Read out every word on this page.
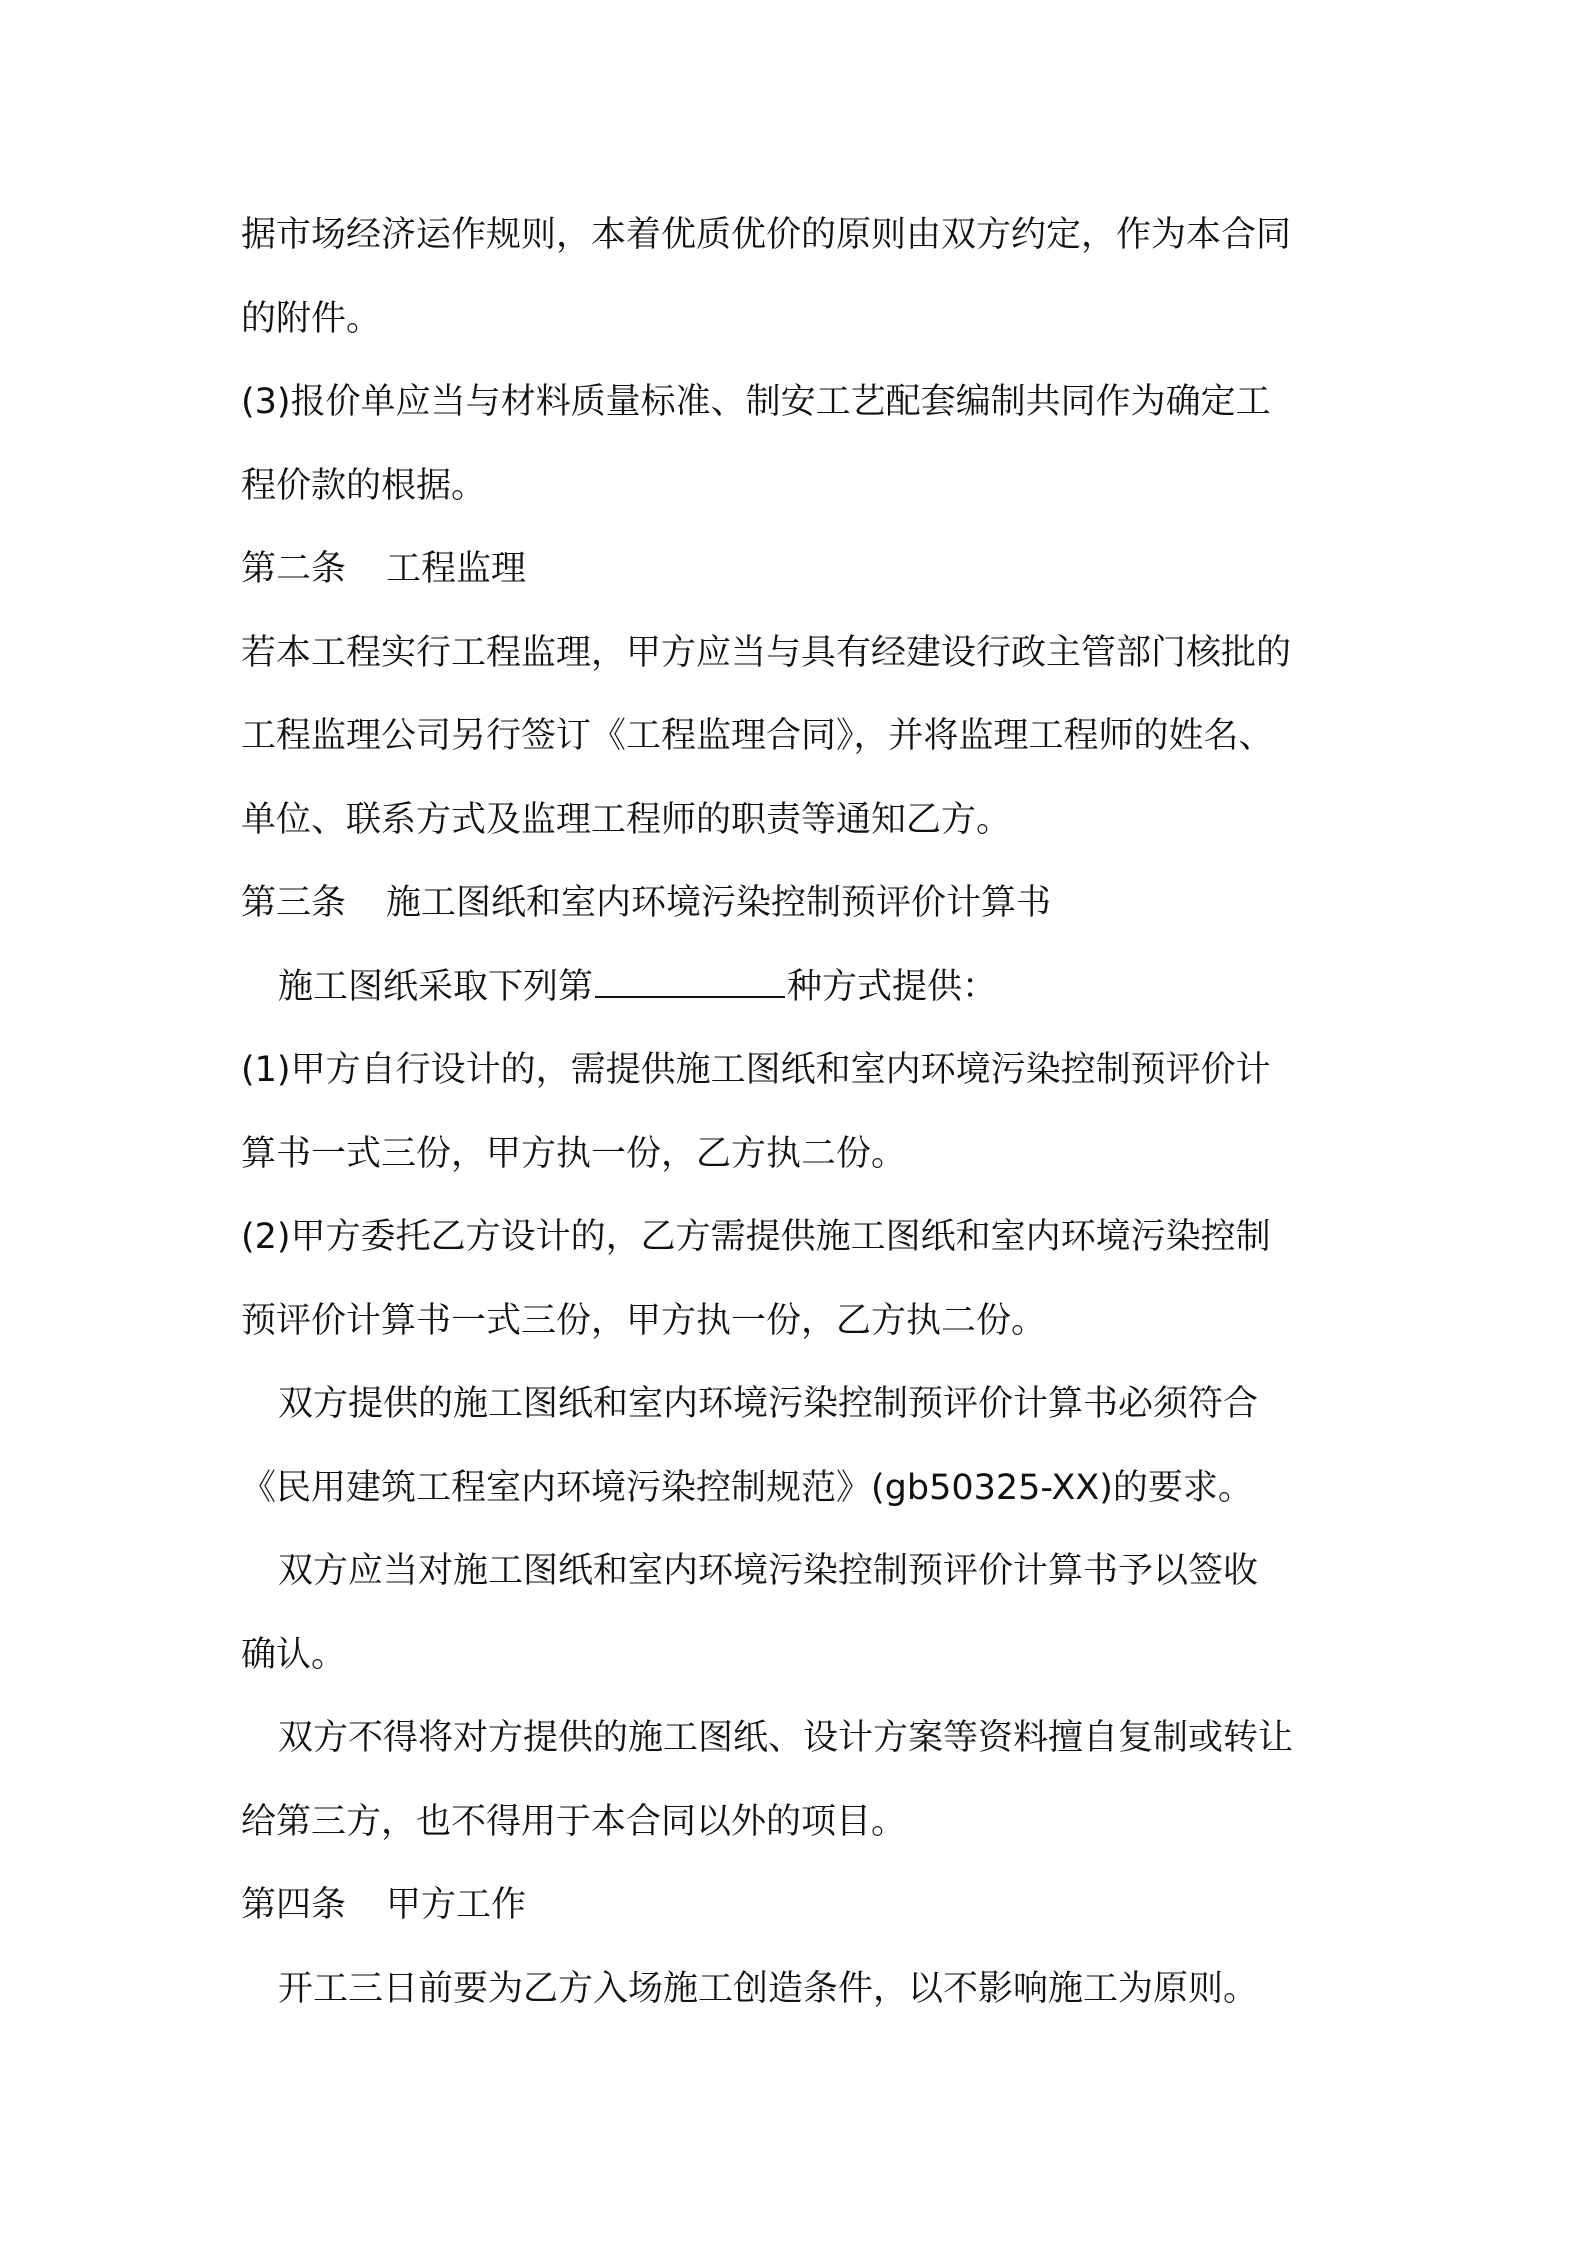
据市场经济运作规则，本着优质优价的原则由双方约定，作为本合同
的附件。
(3)报价单应当与材料质量标准、制安工艺配套编制共同作为确定工
程价款的根据。
第二条 工程监理
若本工程实行工程监理，甲方应当与具有经建设行政主管部门核批的
工程监理公司另行签订《工程监理合同》，并将监理工程师的姓名、
单位、联系方式及监理工程师的职责等通知乙方。
第三条 施工图纸和室内环境污染控制预评价计算书
施工图纸采取下列第	种方式提供：
(1)甲方自行设计的，需提供施工图纸和室内环境污染控制预评价计
算书一式三份，甲方执一份，乙方执二份。
(2)甲方委托乙方设计的，乙方需提供施工图纸和室内环境污染控制
预评价计算书一式三份，甲方执一份，乙方执二份。
双方提供的施工图纸和室内环境污染控制预评价计算书必须符合
《民用建筑工程室内环境污染控制规范》(gb50325-XX)的要求。
双方应当对施工图纸和室内环境污染控制预评价计算书予以签收
确认。
双方不得将对方提供的施工图纸、设计方案等资料擅自复制或转让
给第三方，也不得用于本合同以外的项目。
第四条 甲方工作
开工三日前要为乙方入场施工创造条件，以不影响施工为原则。
